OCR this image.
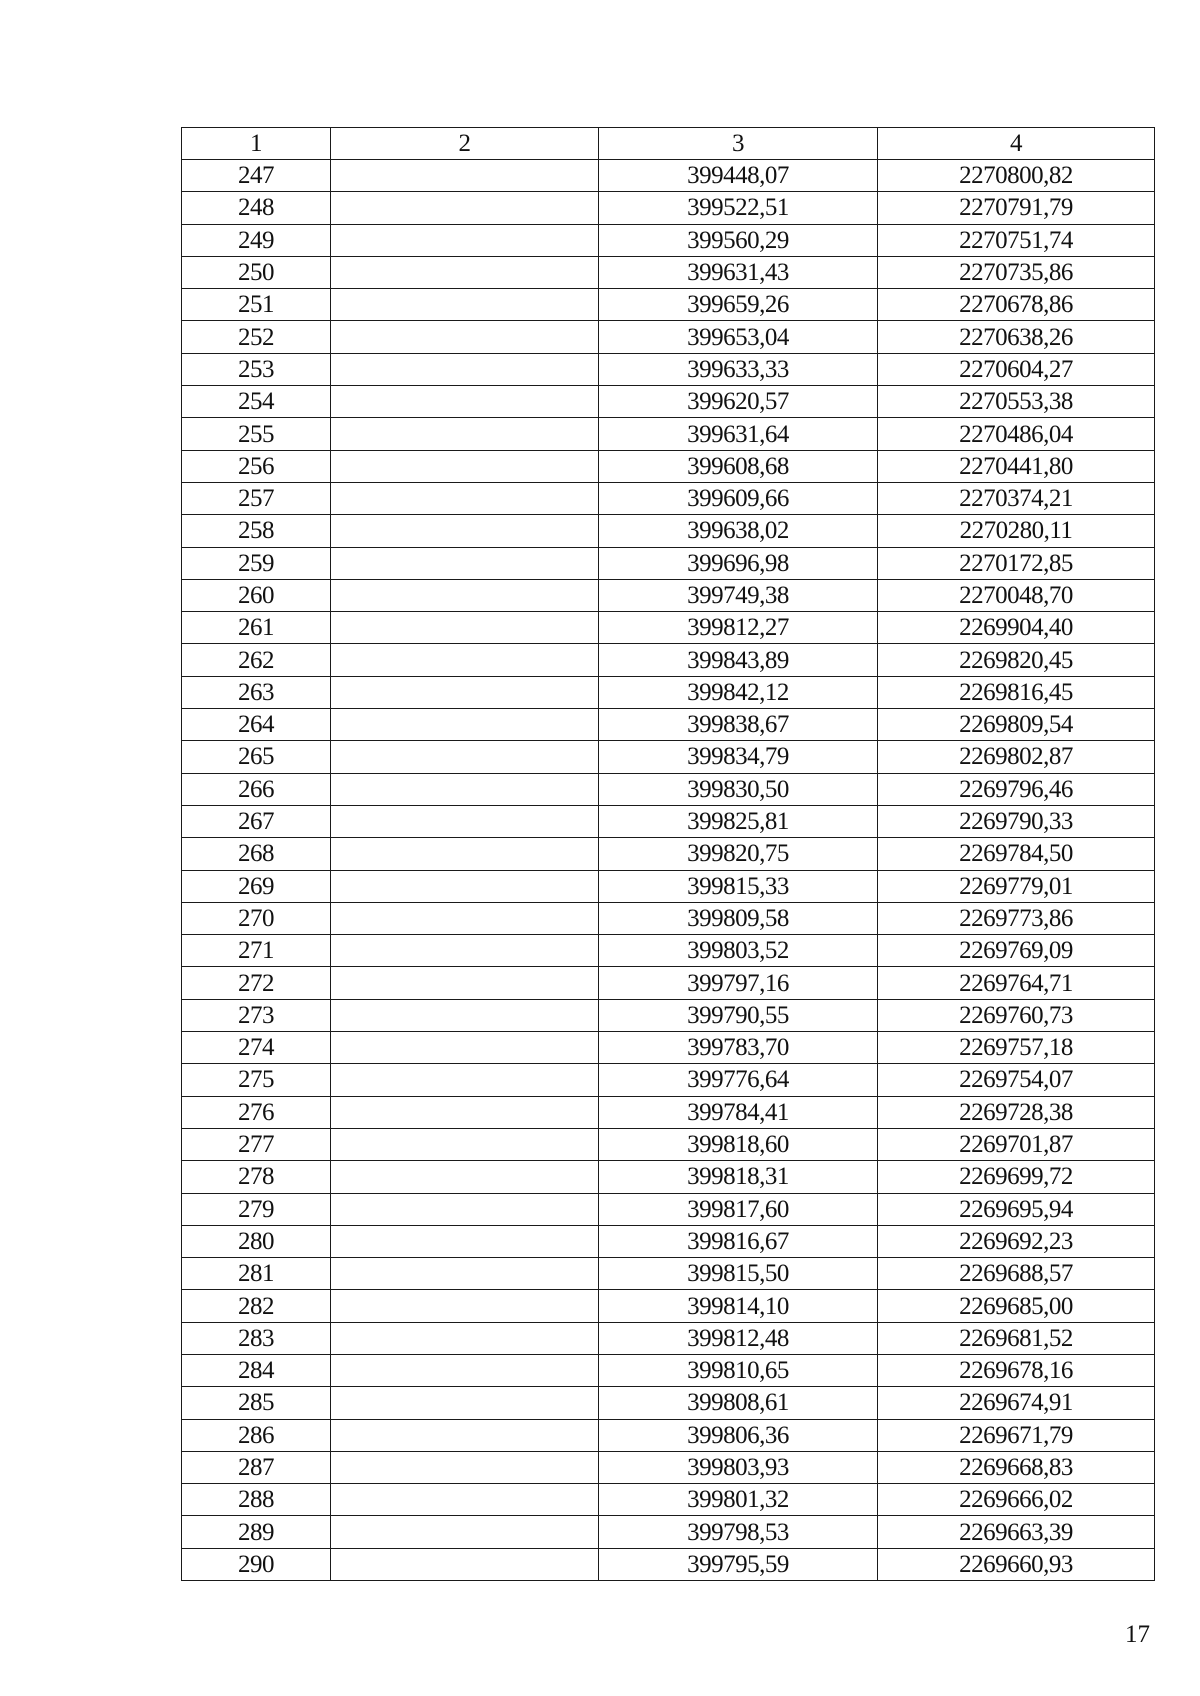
1	2	3	4
247		399448,07	2270800,82
248		399522,51	2270791,79
249		399560,29	2270751,74
250		399631,43	2270735,86
251		399659,26	2270678,86
252		399653,04	2270638,26
253		399633,33	2270604,27
254		399620,57	2270553,38
255		399631,64	2270486,04
256		399608,68	2270441,80
257		399609,66	2270374,21
258		399638,02	2270280,11
259		399696,98	2270172,85
260		399749,38	2270048,70
261		399812,27	2269904,40
262		399843,89	2269820,45
263		399842,12	2269816,45
264		399838,67	2269809,54
265		399834,79	2269802,87
266		399830,50	2269796,46
267		399825,81	2269790,33
268		399820,75	2269784,50
269		399815,33	2269779,01
270		399809,58	2269773,86
271		399803,52	2269769,09
272		399797,16	2269764,71
273		399790,55	2269760,73
274		399783,70	2269757,18
275		399776,64	2269754,07
276		399784,41	2269728,38
277		399818,60	2269701,87
278		399818,31	2269699,72
279		399817,60	2269695,94
280		399816,67	2269692,23
281		399815,50	2269688,57
282		399814,10	2269685,00
283		399812,48	2269681,52
284		399810,65	2269678,16
285		399808,61	2269674,91
286		399806,36	2269671,79
287		399803,93	2269668,83
288		399801,32	2269666,02
289		399798,53	2269663,39
290		399795,59	2269660,93
17
